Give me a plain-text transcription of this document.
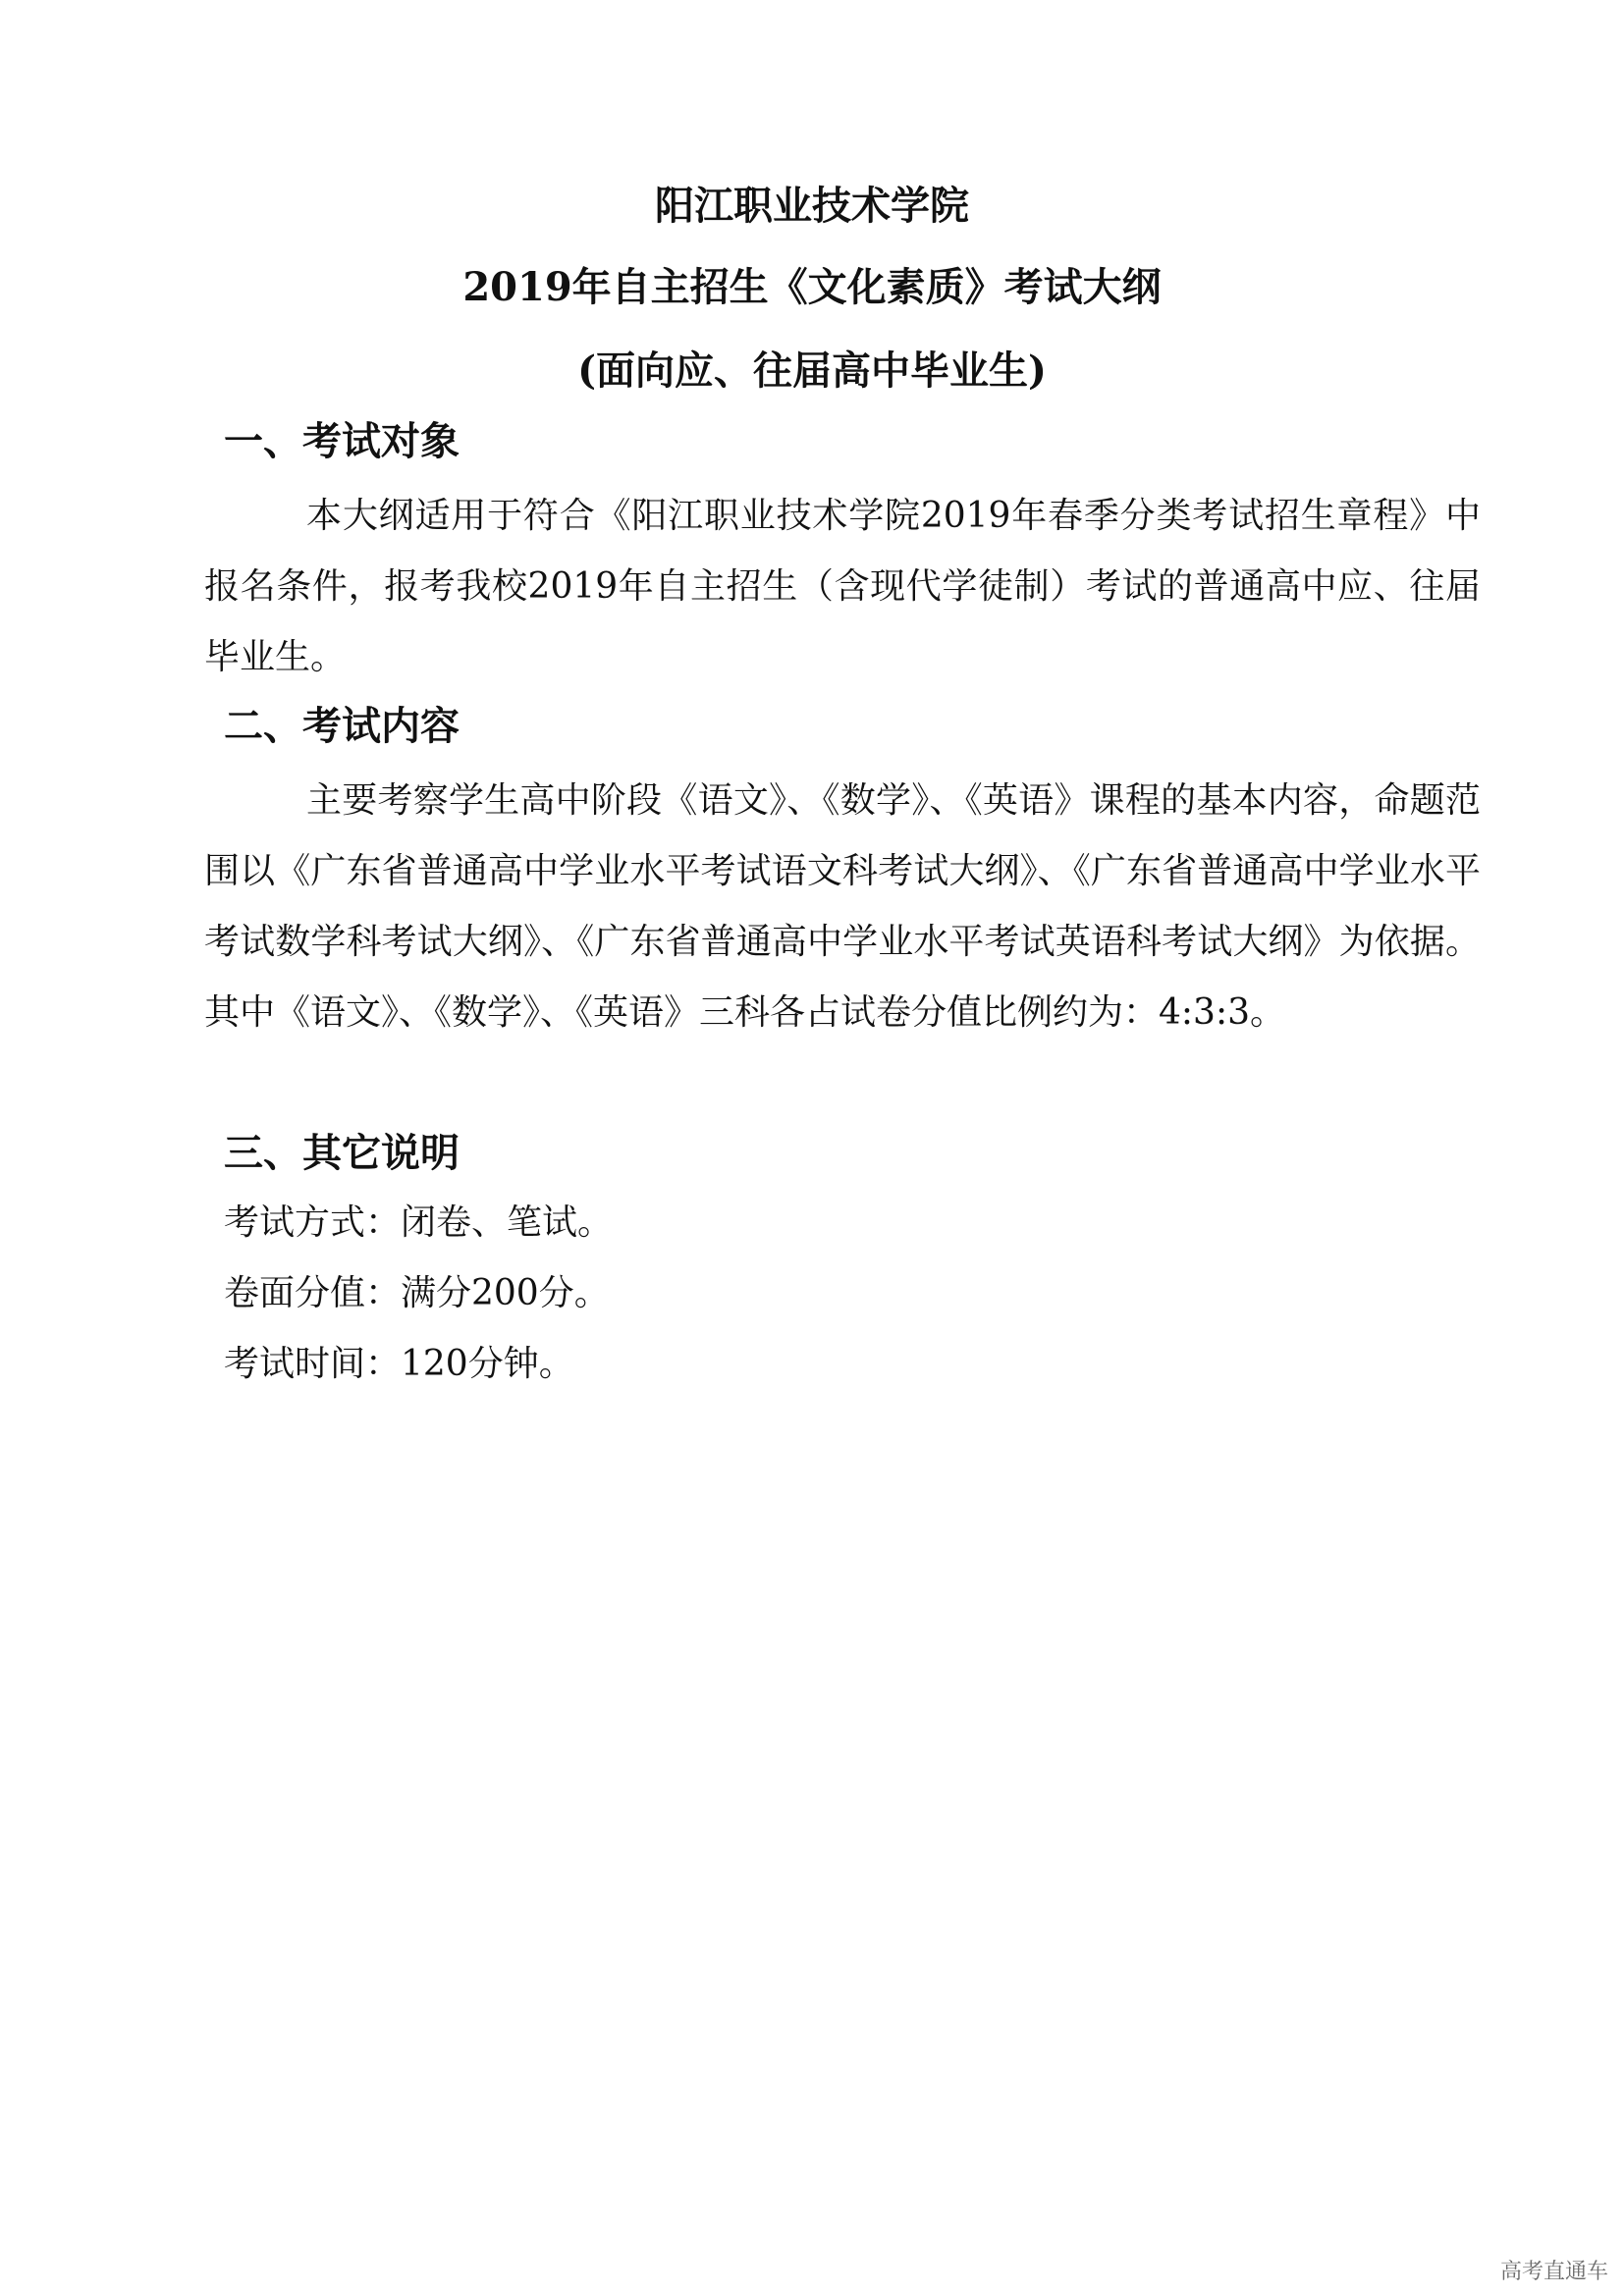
阳江职业技术学院
2019年自主招生《文化素质》考试大纲
(面向应、往届高中毕业生)
一、考试对象
本大纲适用于符合《阳江职业技术学院2019年春季分类考试招生章程》中报名条件，报考我校2019年自主招生（含现代学徒制）考试的普通高中应、往届毕业生。
二、考试内容
主要考察学生高中阶段《语文》、《数学》、《英语》课程的基本内容，命题范围以《广东省普通高中学业水平考试语文科考试大纲》、《广东省普通高中学业水平考试数学科考试大纲》、《广东省普通高中学业水平考试英语科考试大纲》为依据。其中《语文》、《数学》、《英语》三科各占试卷分值比例约为：4:3:3。
三、其它说明
考试方式：闭卷、笔试。
卷面分值：满分200分。
考试时间：120分钟。
高考直通车
